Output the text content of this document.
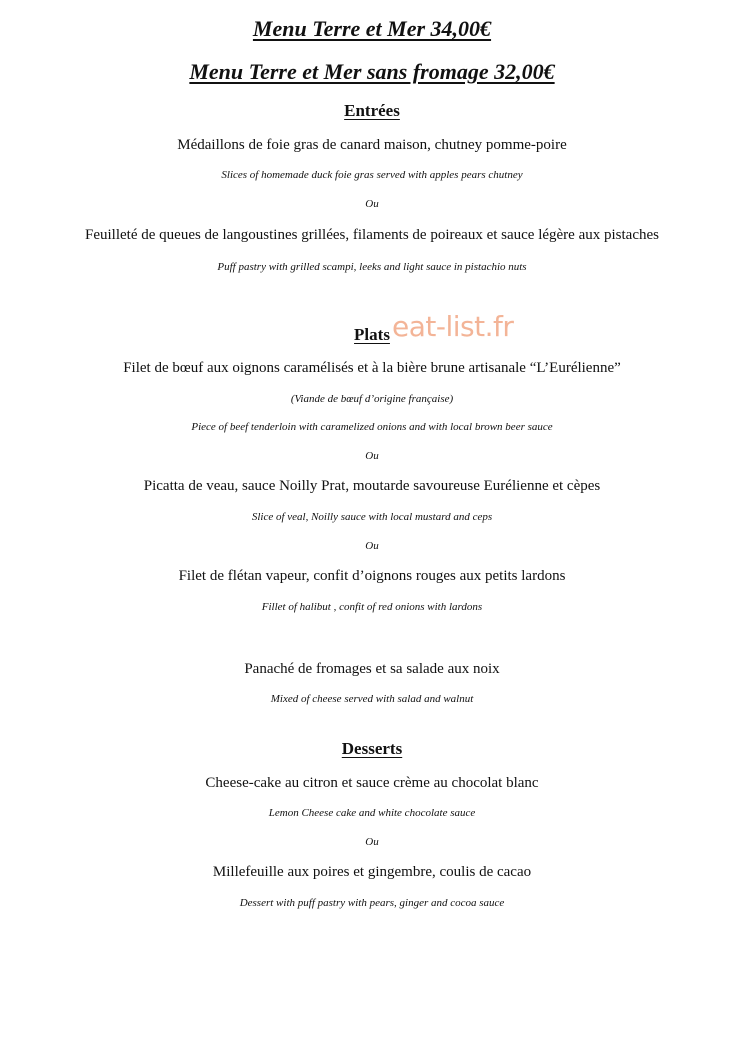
Menu Terre et Mer 34,00€
Menu Terre et Mer sans fromage 32,00€
Entrées
Médaillons de foie gras de canard maison, chutney pomme-poire
Slices of homemade duck foie gras served with apples pears chutney
Ou
Feuilleté de queues de langoustines grillées, filaments de poireaux et sauce légère aux pistaches
Puff pastry with grilled scampi, leeks and light sauce in pistachio nuts
Plats eat-list.fr
Filet de bœuf aux oignons caramélisés et à la bière brune artisanale “L’Eurélienne”
(Viande de bœuf d’origine française)
Piece of beef tenderloin with caramelized onions and with local brown beer sauce
Ou
Picatta de veau, sauce Noilly Prat, moutarde savoureuse Eurélienne et cèpes
Slice of veal, Noilly sauce with local mustard and ceps
Ou
Filet de flétan vapeur, confit d’oignons rouges aux petits lardons
Fillet of halibut , confit of red onions with lardons
Panaché de fromages et sa salade aux noix
Mixed of cheese served with salad and walnut
Desserts
Cheese-cake au citron et sauce crème au chocolat blanc
Lemon Cheese cake and white chocolate sauce
Ou
Millefeuille aux poires et gingembre, coulis de cacao
Dessert with puff pastry with pears, ginger and cocoa sauce
